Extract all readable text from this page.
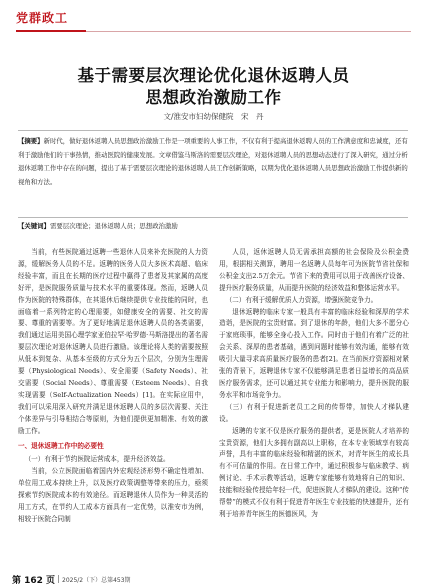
党群政工
基于需要层次理论优化退休返聘人员
思想政治激励工作
文/淮安市妇幼保健院　宋　丹
【摘要】新时代，做好退休返聘人员思想政治激励工作是一项重要的人事工作，不仅有利于提高退休返聘人员的工作满意度和忠诚度，还有利于激励他们的干事热情，推动医院的健康发展。文章借鉴马斯洛的需要层次理论，对退休返聘人员的思想动态进行了深入研究，通过分析退休返聘工作中存在的问题，提出了基于需要层次理论的退休返聘人员工作创新策略，以期为优化退休返聘人员思想政治激励工作提供新的视角和方法。
【关键词】需要层次理论；退休返聘人员；思想政治激励

当前，有些医院通过返聘一些退休人员来补充医院的人力资源，缓解医务人员的不足。返聘的医务人员大多医术高超、临床经验丰富，而且在长期的医疗过程中赢得了患者及其家属的高度好评，是医院服务质量与技术水平的重要体现。然而，返聘人员作为医院的特殊群体，在其退休后继续提供专业技能的同时，也面临着一系列特定的心理需要，如健康安全的需要、社交的需要、尊重的需要等。为了更好地满足退休返聘人员的各类需要，我们通过运用美国心理学家亚伯拉罕·哈罗德·马斯洛提出的著名需要层次理论对退休返聘人员进行激励。该理论将人类的需要按照从低本到复杂、从基本至级的方式分为五个层次，分别为生理需要（Physiological Needs）、安全需要（Safety Needs）、社交需要（Social Needs）、尊重需要（Esteem Needs）、自我实现需要（Self-Actualization Needs）[1]。在实际应用中，我们可以采用深入研究并满足退休返聘人员的多层次需要、关注个体差异与引导相结合等原则，为他们提供更加精准、有效的激励工作。

一、退休返聘工作中的必要性

（一）有利于节约医院运营成本，提升经济效益。

当前，公立医院面临着国内外宏观经济形势不确定性增加、单位用工成本持续上升，以及医疗政策调整等带来的压力，亟须探索节约医院成本的有效途径。而返聘退休人员作为一种灵活的用工方式，在节约人工成本方面具有一定优势，以淮安市为例，相较于医院合同制

人员，返休返聘人员无需承担高额的社会保险及公积金费用，根据相关测算，聘用一名返聘人员每年可为医院节省社保和公积金支出2.5万余元。节省下来的费用可以用于改善医疗设备、提升医疗服务质量，从而提升医院的经济效益和整体运营水平。

（二）有利于缓解优质人力资源，增强医院竞争力。

退休返聘的临床专家一般具有丰富的临床经验和深厚的学术造诣，是医院的宝贵财富。到了退休的年龄，他们大多不愿分心于家庭琐事，能够全身心投入工作。同时由于他们有着广泛的社会关系、深厚的患者基础，遇到问题时能够有效沟通，能够有效吸引大量寻求高质量医疗服务的患者[2]。在当前医疗资源相对紧张的背景下，返聘退休专家不仅能够满足患者日益增长的高品质医疗服务需求，还可以通过其专业能力和影响力，提升医院的服务水平和市场竞争力。

（三）有利于促进新老员工之间的传帮带，加快人才梯队建设。

返聘的专家不仅是医疗服务的提供者，更是医院人才培养的宝贵资源，他们大多拥有副高以上职称，在本专业领域享有较高声誉，具有丰富的临床经验和精湛的医术，对青年医生的成长具有不可估量的作用。在日常工作中，通过积极参与临床教学、病例讨论、手术示教等活动，返聘专家能够有效地将自己的知识、技能和经验传授给年轻一代，促进医院人才梯队的建设。这种“传帮带”的模式不仅有利于促进青年医生专业技能的快速提升，还有利于培养青年医生的医德医风，为

第 162 页 2025/2（下）总第453期
